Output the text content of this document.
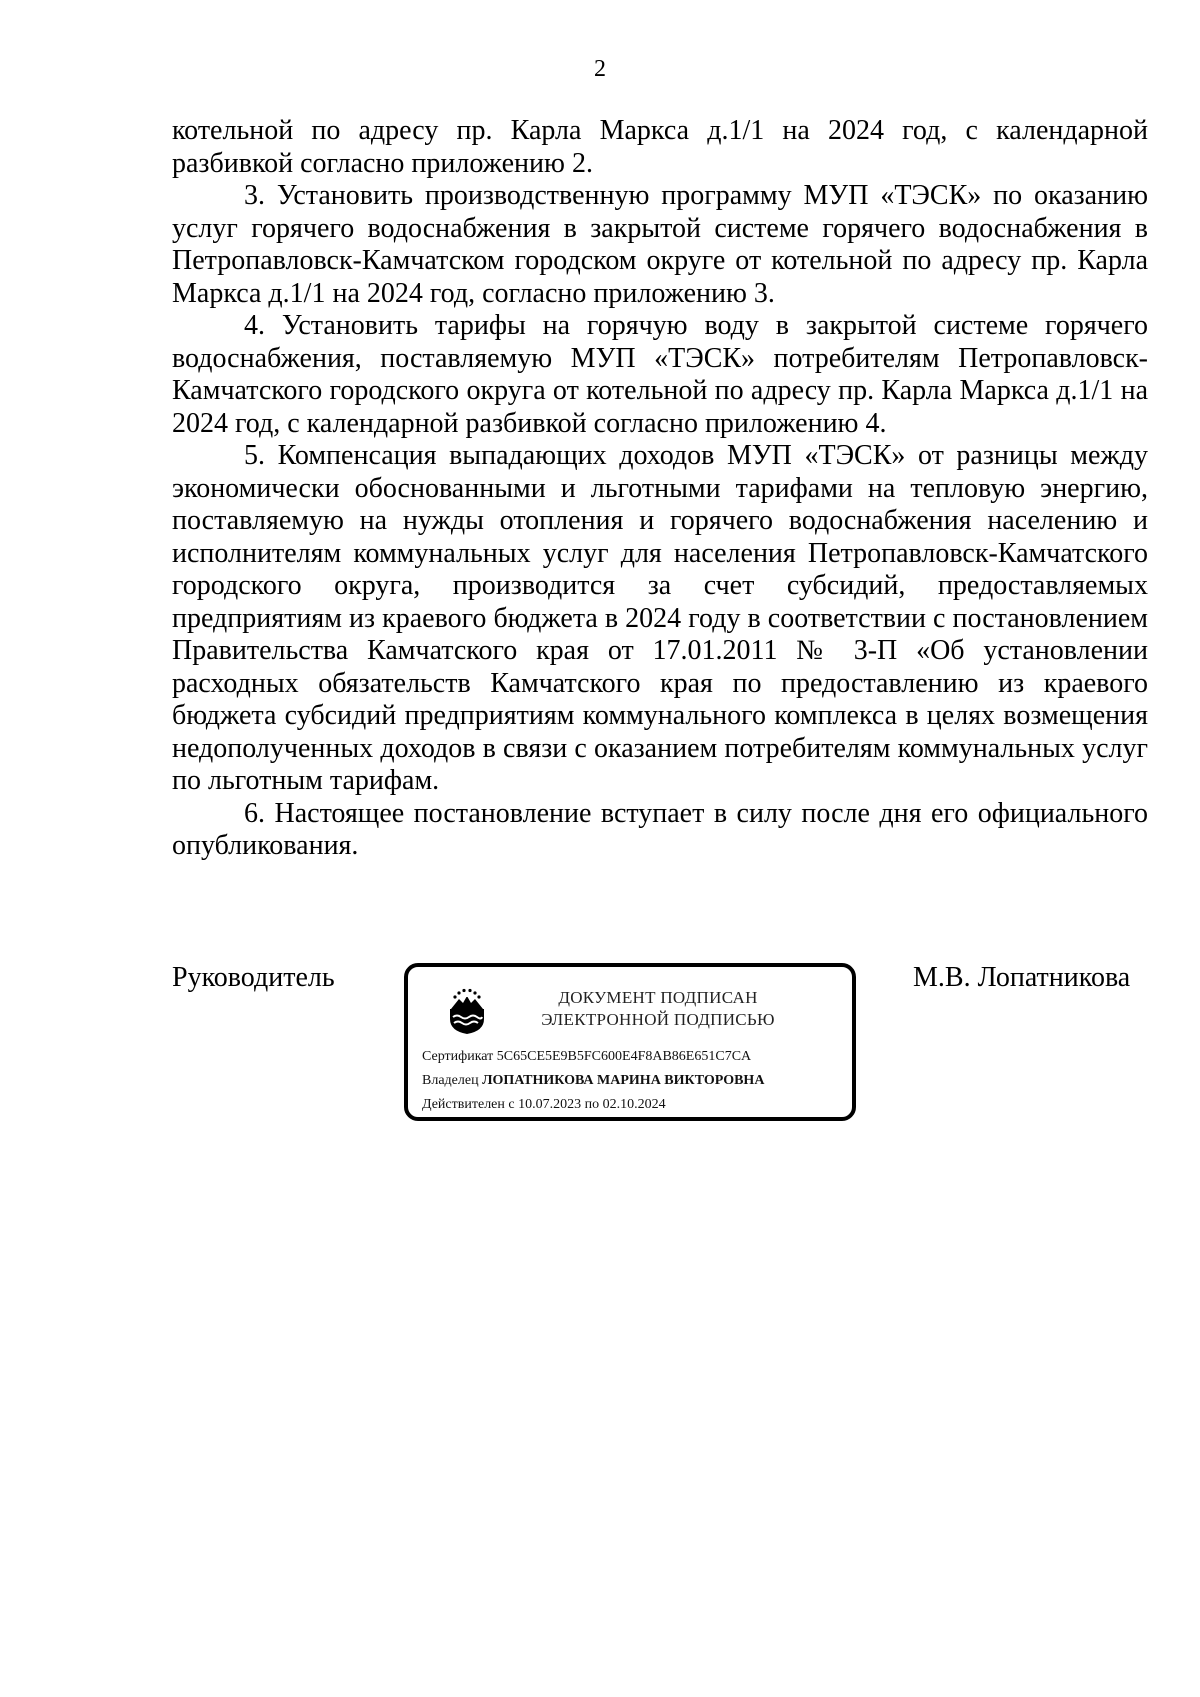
2

котельной по адресу пр. Карла Маркса д.1/1 на 2024 год, с календарной разбивкой согласно приложению 2.

3. Установить производственную программу МУП «ТЭСК» по оказанию услуг горячего водоснабжения в закрытой системе горячего водоснабжения в Петропавловск-Камчатском городском округе от котельной по адресу пр. Карла Маркса д.1/1 на 2024 год, согласно приложению 3.

4. Установить тарифы на горячую воду в закрытой системе горячего водоснабжения, поставляемую МУП «ТЭСК» потребителям Петропавловск-Камчатского городского округа от котельной по адресу пр. Карла Маркса д.1/1 на 2024 год, с календарной разбивкой согласно приложению 4.

5. Компенсация выпадающих доходов МУП «ТЭСК» от разницы между экономически обоснованными и льготными тарифами на тепловую энергию, поставляемую на нужды отопления и горячего водоснабжения населению и исполнителям коммунальных услуг для населения Петропавловск-Камчатского городского округа, производится за счет субсидий, предоставляемых предприятиям из краевого бюджета в 2024 году в соответствии с постановлением Правительства Камчатского края от 17.01.2011 № 3-П «Об установлении расходных обязательств Камчатского края по предоставлению из краевого бюджета субсидий предприятиям коммунального комплекса в целях возмещения недополученных доходов в связи с оказанием потребителям коммунальных услуг по льготным тарифам.

6. Настоящее постановление вступает в силу после дня его официального опубликования.

Руководитель	М.В. Лопатникова
ДОКУМЕНТ ПОДПИСАН
ЭЛЕКТРОННОЙ ПОДПИСЬЮ
Сертификат 5C65CE5E9B5FC600E4F8AB86E651C7CA
Владелец ЛОПАТНИКОВА МАРИНА ВИКТОРОВНА
Действителен с 10.07.2023 по 02.10.2024
